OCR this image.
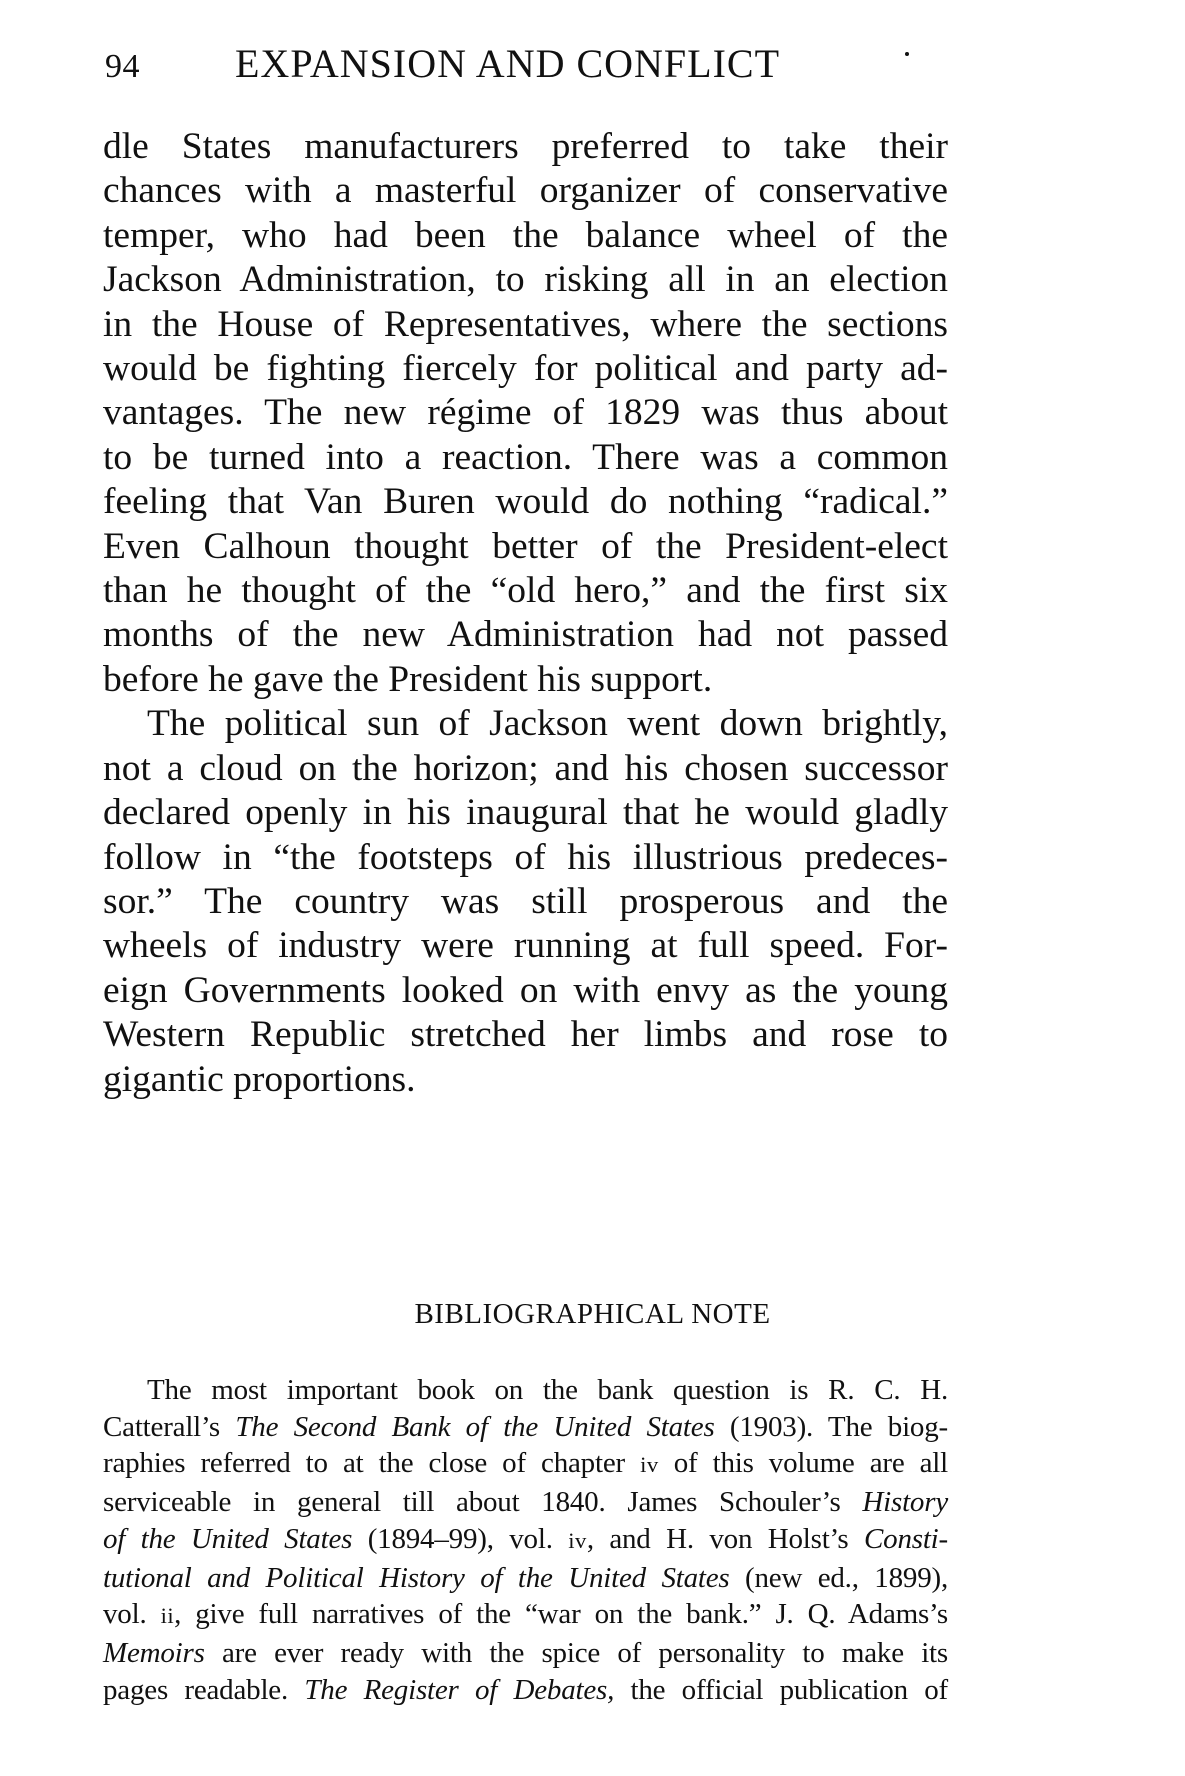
94 EXPANSION AND CONFLICT

dle States manufacturers preferred to take their
chances with a masterful organizer of conservative
temper, who had been the balance wheel of the
Jackson Administration, to risking all in an election
in the House of Representatives, where the sections
would be fighting fiercely for political and party ad-
vantages. The new régime of 1829 was thus about
to be turned into a reaction. There was a common
feeling that Van Buren would do nothing “radical.”
Even Calhoun thought better of the President-elect
than he thought of the “old hero,” and the first six
months of the new Administration had not passed
before he gave the President his support.

The political sun of Jackson went down brightly,
not a cloud on the horizon; and his chosen successor
declared openly in his inaugural that he would gladly
follow in “the footsteps of his illustrious predeces-
sor.” The country was still prosperous and the
wheels of industry were running at full speed. For-
eign Governments looked on with envy as the young
Western Republic stretched her limbs and rose to
gigantic proportions.

BIBLIOGRAPHICAL NOTE
The most important book on the bank question is R. C. H.
Catterall’s The Second Bank of the United States (1903). The biog-
raphies referred to at the close of chapter iv of this volume are all
serviceable in general till about 1840. James Schouler’s History
of the United States (1894–99), vol. iv, and H. von Holst’s Consti-
tutional and Political History of the United States (new ed., 1899),
vol. ii, give full narratives of the “war on the bank.” J. Q. Adams’s
Memoirs are ever ready with the spice of personality to make its
pages readable. The Register of Debates, the official publication of
